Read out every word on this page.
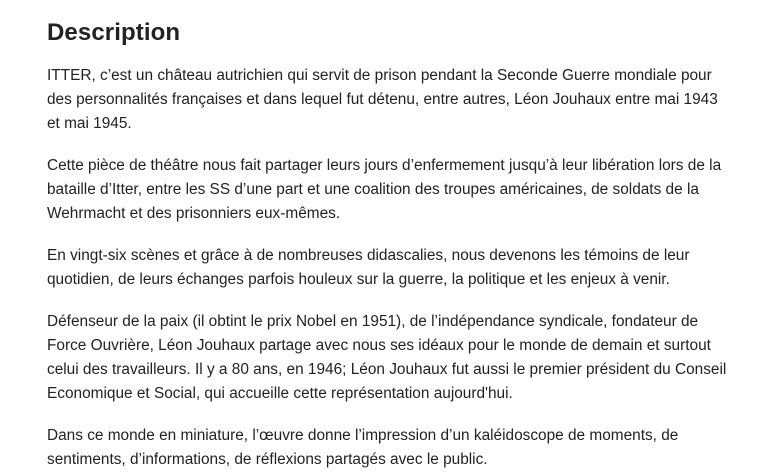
Description

ITTER, c’est un château autrichien qui servit de prison pendant la Seconde Guerre mondiale pour des personnalités françaises et dans lequel fut détenu, entre autres, Léon Jouhaux entre mai 1943 et mai 1945.

Cette pièce de théâtre nous fait partager leurs jours d’enfermement jusqu’à leur libération lors de la bataille d’Itter, entre les SS d’une part et une coalition des troupes américaines, de soldats de la Wehrmacht et des prisonniers eux-mêmes.

En vingt-six scènes et grâce à de nombreuses didascalies, nous devenons les témoins de leur quotidien, de leurs échanges parfois houleux sur la guerre, la politique et les enjeux à venir.

Défenseur de la paix (il obtint le prix Nobel en 1951), de l’indépendance syndicale, fondateur de Force Ouvrière, Léon Jouhaux partage avec nous ses idéaux pour le monde de demain et surtout celui des travailleurs. Il y a 80 ans, en 1946; Léon Jouhaux fut aussi le premier président du Conseil Economique et Social, qui accueille cette représentation aujourd'hui.

Dans ce monde en miniature, l’œuvre donne l’impression d’un kaléidoscope de moments, de sentiments, d’informations, de réflexions partagés avec le public.
